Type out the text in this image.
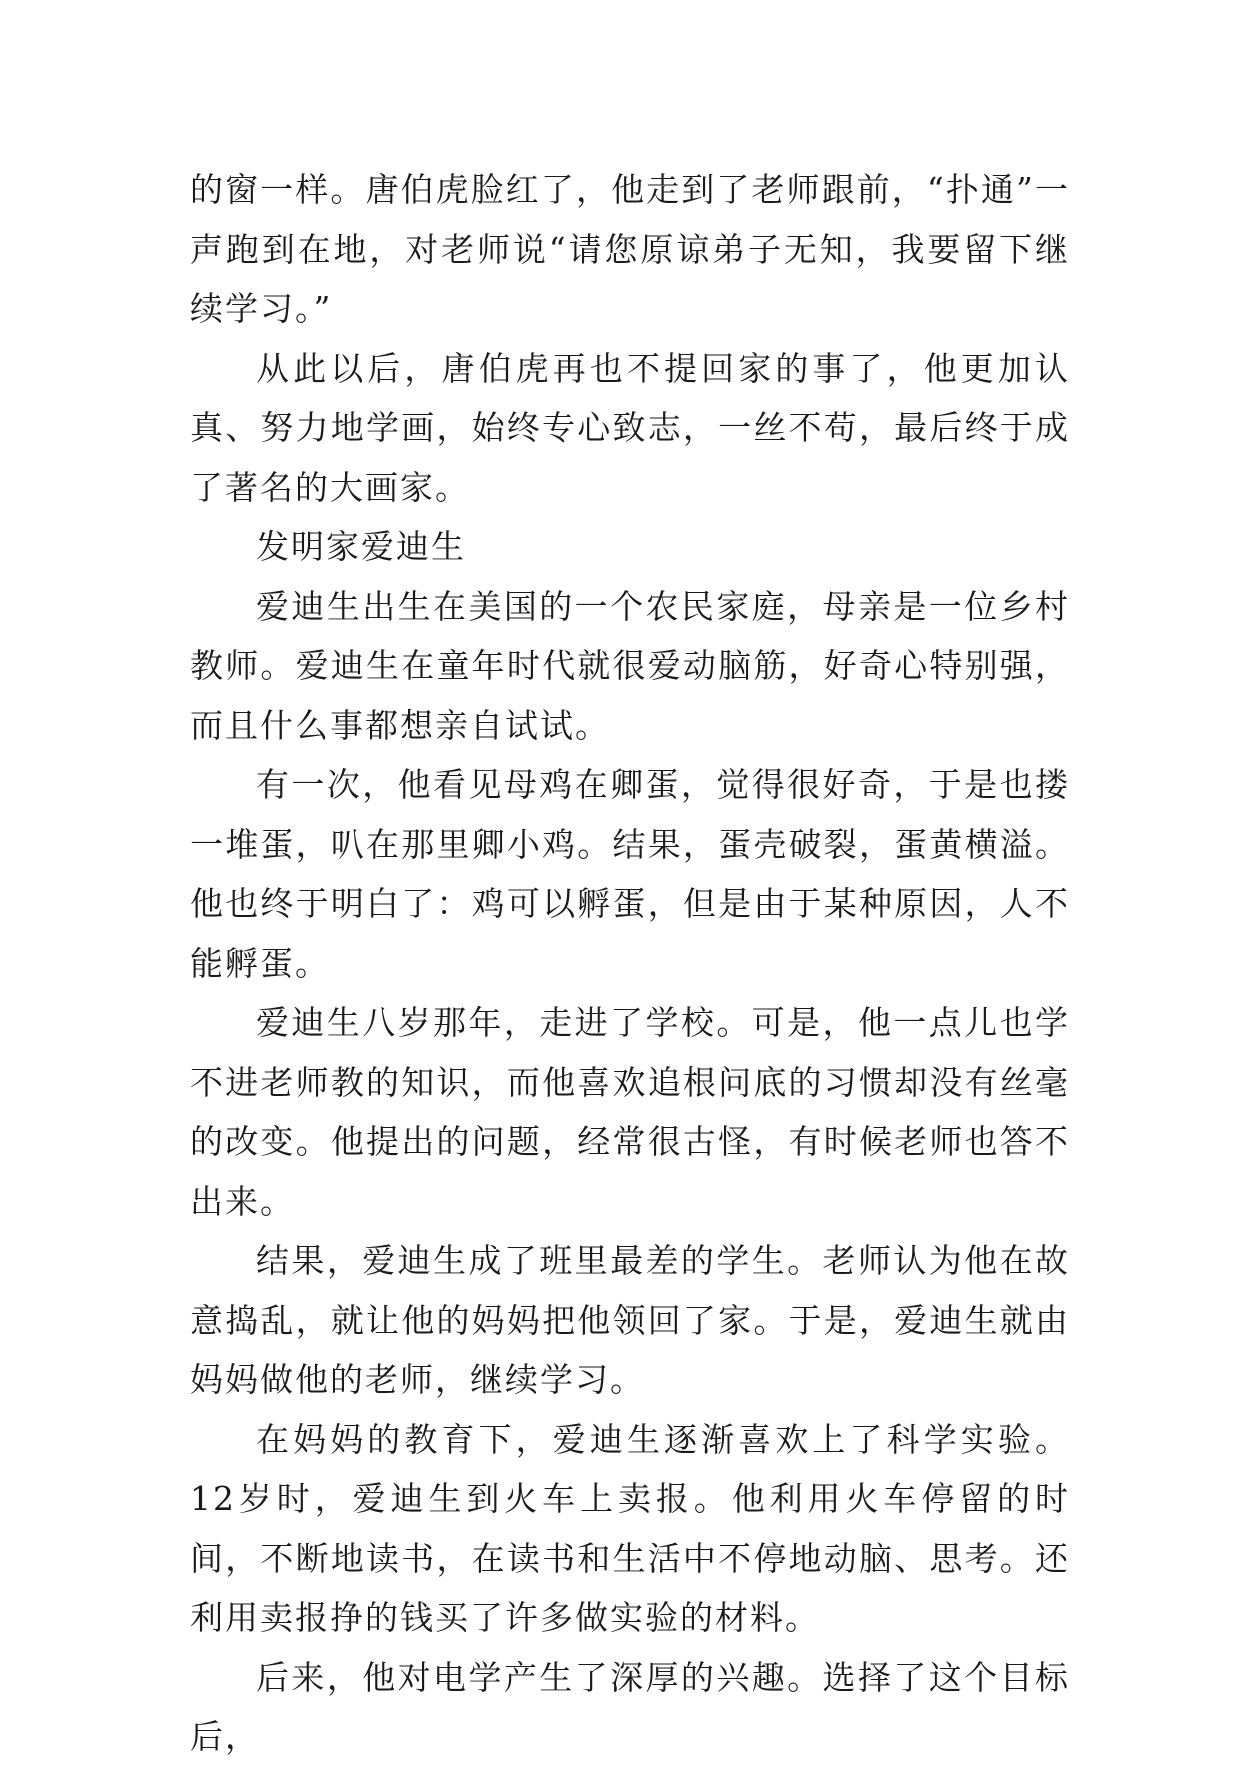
的窗一样。唐伯虎脸红了，他走到了老师跟前，“扑通”一声跑到在地，对老师说“请您原谅弟子无知，我要留下继续学习。”

从此以后，唐伯虎再也不提回家的事了，他更加认真、努力地学画，始终专心致志，一丝不苟，最后终于成了著名的大画家。

发明家爱迪生

爱迪生出生在美国的一个农民家庭，母亲是一位乡村教师。爱迪生在童年时代就很爱动脑筋，好奇心特别强，而且什么事都想亲自试试。

有一次，他看见母鸡在卿蛋，觉得很好奇，于是也搂一堆蛋，叭在那里卿小鸡。结果，蛋壳破裂，蛋黄横溢。他也终于明白了：鸡可以孵蛋，但是由于某种原因，人不能孵蛋。

爱迪生八岁那年，走进了学校。可是，他一点儿也学不进老师教的知识，而他喜欢追根问底的习惯却没有丝毫的改变。他提出的问题，经常很古怪，有时候老师也答不出来。

结果，爱迪生成了班里最差的学生。老师认为他在故意捣乱，就让他的妈妈把他领回了家。于是，爱迪生就由妈妈做他的老师，继续学习。

在妈妈的教育下，爱迪生逐渐喜欢上了科学实验。12岁时，爱迪生到火车上卖报。他利用火车停留的时间，不断地读书，在读书和生活中不停地动脑、思考。还利用卖报挣的钱买了许多做实验的材料。

后来，他对电学产生了深厚的兴趣。选择了这个目标后，
